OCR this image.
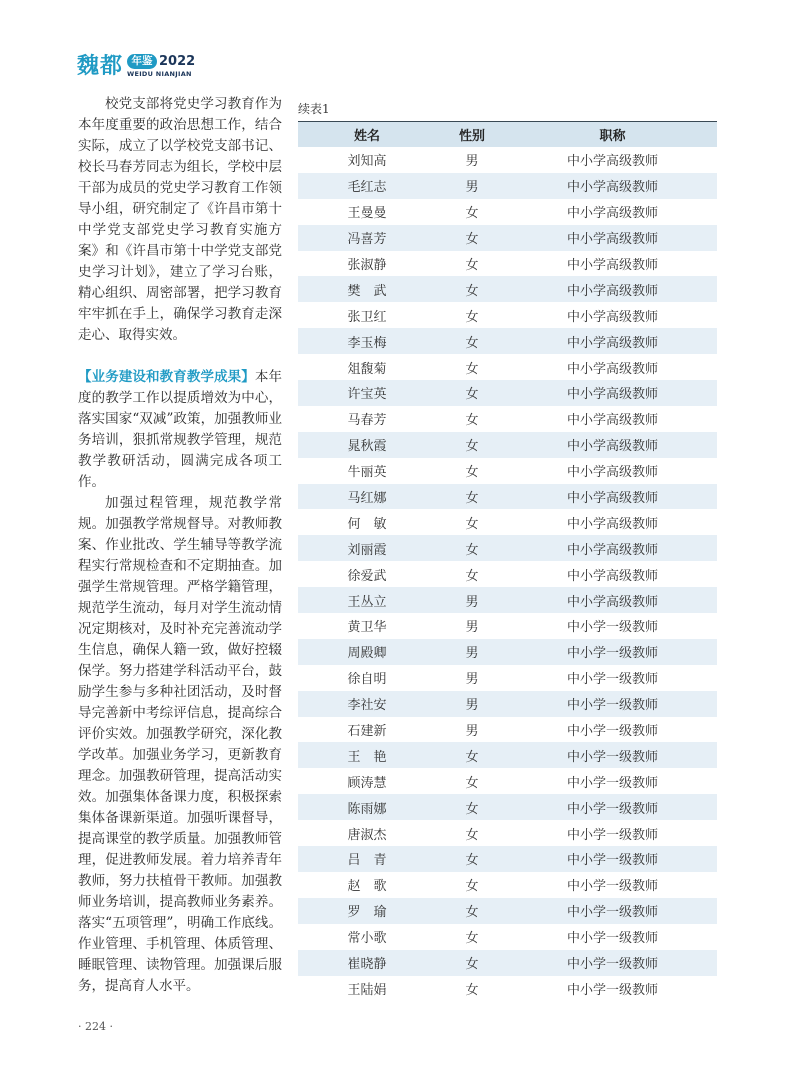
魏都 年鉴 2022
WEIDU NIANJIAN

校党支部将党史学习教育作为本年度重要的政治思想工作，结合实际，成立了以学校党支部书记、校长马春芳同志为组长，学校中层干部为成员的党史学习教育工作领导小组，研究制定了《许昌市第十中学党支部党史学习教育实施方案》和《许昌市第十中学党支部党史学习计划》，建立了学习台账，精心组织、周密部署，把学习教育牢牢抓在手上，确保学习教育走深走心、取得实效。

【业务建设和教育教学成果】本年度的教学工作以提质增效为中心，落实国家“双减”政策，加强教师业务培训，狠抓常规教学管理，规范教学教研活动，圆满完成各项工作。

加强过程管理，规范教学常规。加强教学常规督导。对教师教案、作业批改、学生辅导等教学流程实行常规检查和不定期抽查。加强学生常规管理。严格学籍管理，规范学生流动，每月对学生流动情况定期核对，及时补充完善流动学生信息，确保人籍一致，做好控辍保学。努力搭建学科活动平台，鼓励学生参与多种社团活动，及时督导完善新中考综评信息，提高综合评价实效。加强教学研究，深化教学改革。加强业务学习，更新教育理念。加强教研管理，提高活动实效。加强集体备课力度，积极探索集体备课新渠道。加强听课督导，提高课堂的教学质量。加强教师管理，促进教师发展。着力培养青年教师，努力扶植骨干教师。加强教师业务培训，提高教师业务素养。落实“五项管理”，明确工作底线。作业管理、手机管理、体质管理、睡眠管理、读物管理。加强课后服务，提高育人水平。

续表1
姓名	性别	职称
刘知高	男	中小学高级教师
毛红志	男	中小学高级教师
王曼曼	女	中小学高级教师
冯喜芳	女	中小学高级教师
张淑静	女	中小学高级教师
樊　武	女	中小学高级教师
张卫红	女	中小学高级教师
李玉梅	女	中小学高级教师
俎馥菊	女	中小学高级教师
许宝英	女	中小学高级教师
马春芳	女	中小学高级教师
晁秋霞	女	中小学高级教师
牛丽英	女	中小学高级教师
马红娜	女	中小学高级教师
何　敏	女	中小学高级教师
刘丽霞	女	中小学高级教师
徐爱武	女	中小学高级教师
王丛立	男	中小学高级教师
黄卫华	男	中小学一级教师
周殿卿	男	中小学一级教师
徐自明	男	中小学一级教师
李社安	男	中小学一级教师
石建新	男	中小学一级教师
王　艳	女	中小学一级教师
顾涛慧	女	中小学一级教师
陈雨娜	女	中小学一级教师
唐淑杰	女	中小学一级教师
吕　青	女	中小学一级教师
赵　歌	女	中小学一级教师
罗　瑜	女	中小学一级教师
常小歌	女	中小学一级教师
崔晓静	女	中小学一级教师
王陆娟	女	中小学一级教师
· 224 ·
